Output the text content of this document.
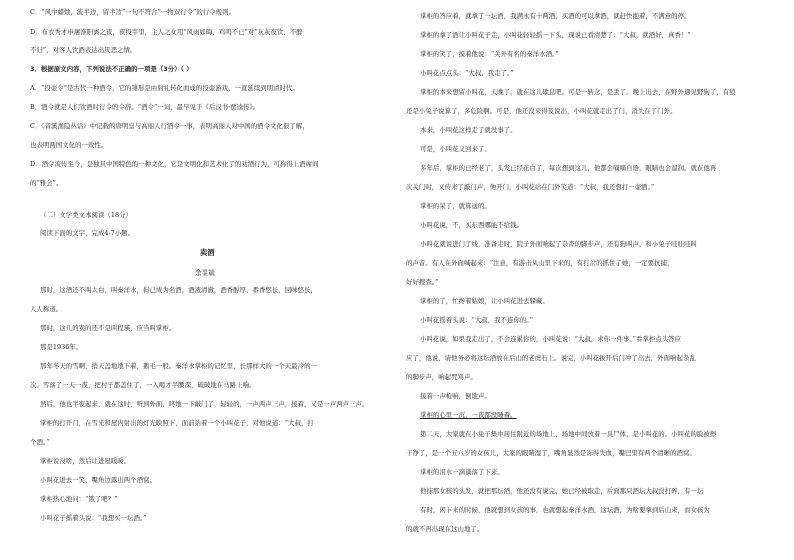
C．“风中蜡烛，流半边，留半边”一句不符合“一物双行令”的行令规则。
D．布衣秀才申屠淮阳离之夜，夜投宰里，主人之女用“风雨如晦，鸡鸣不已”对“灰灰夜饮，不醉
不归”，对客人饮酒表达出厌恶之情。
3．根据原文内容，下列说法不正确的一项是（3分）（ ）
A．“投壶令”是古代一种酒令，它的雏形是由射礼转化而成的投壶游戏，一直延续到明清时代。
B．酒令就是人们饮酒时行令的令辞。“酒令”一词，最早见于《后汉书·贾逵传》。
C．《音溪渔隐丛话》中记载的唐明皇与高丽人行酒令一事，表明高丽人对中国的酒令文化很了解，
也表明两国文化的一致性。
D．酒令流传至今，是独具中国特色的一种文化，它是文明化和艺术化了的劝酒行为，可称得上酒席间
的“雅会”。
（二）文学类文本阅读（18分）
阅读下面的文字，完成4-7小题。
卖酒
余显斌
那时，这酒还不叫太白，叫秦洋水，但已成为名酒，酒液清澈，酒香醇厚，番香悠长，回味悠长，
人人称道。
那时，这儿的卖的还不是叫程瑛，应当叫掌柜。
那是1936年。
那年冬天的雪啊，捎天盖地地下着，鹅毛一般。秦洋水掌柜的记忆里，长那样大的一个天最冷的一
次。雪落了一天一夜，把村子都盖住了，一入喝才半腰深，破破地在马路上响。
然后，他也半夜起来，就在这时，听到外面，咚地一下敲门了，轻轻的，一声两声三声，接着，又是一声两声三声。
掌柜的打开门，在雪光和屋内射出的灯光映照下，面前站着一个小叫花子，对他说道：“大叔，打
个酒。”
掌柜说没啥，然后让进屋暖暖。
小叫花进去一笑，嘴角边露出两个酒窝。
掌柜热心地问：“饿了吧？”
小叫花子摇着头说：“我想买一坛酒。”
掌柜的答应着，就拿了一坛酒，我满永有十两酒，买酒的可以拿酒，就赶快抱着，不满意的停。
掌柜的拿了酒让小叫花子走，小叫花轻轻摇一下头，现说已看清楚了：“大叔，就酒好，真香！”
掌柜的笑了，摸着他说：“关外有名的秦洋水酒。”
小叫花点点头：“大叔，我走了。”
掌柜的本来想留小叫花，天晚了，就在这儿歇息吧。可是一转念，是丢了。晚上出去，在野外遇见野狗了，有狼
还是小兔子说算了，多危险啊。可是，他还没来得及说出，小叫花就走出了门，消失在了门外。
本来，小叫花这样走了就没事了。
可是，小叫花又回来了。
多年后，掌柜的已经老了，头发已经花白了，每次想到这儿，他都会嘀嘀自语，眼睛也会湿润。就在他再
次关门时，又传来了敲门声，他开门，小叫花站在门外笑道：“大叔，我还想打一壶酒。”
掌柜的呆了，就算送的。
小叫花说，不，买东西哪能不给钱。
小叫花就说进门了线，准备走时，院子外面响起了杂杳的脚步声，还有狗叫声，和小兔子哇哇哇叫
的声音。有人在外面喊起来：“注意，有游击从山里下来的，有打岔的抓住了她，一定要抗捕，
好好搜查。”
掌柜的了，忙搀着姑娘，让小叫花进去躲藏。
小叫花摇着头说：“大叔，我不连你的。”
小叫花说，如果我走出了，不会连累你的，小叫花说：“大叔，求你一件事。”看掌柜点头答应
应了，他说，请他务必将这坛酒放在后山的老虎石上。说完，小叫花拔开后门冲了出去，外面响起杂乱
的脚步声，响起咒骂声。
接着一声枪响，倒地声。
掌柜的心里一沉，一夜都没睡着。
第二天，大家就在小兔子集中居住附近的场地上，场地中间放着一具尸体，是小叫花的。小叫花的脸被擦
干净了，是一个五六岁的女孩儿，大家的眼睛湿了，嘴角显然是冻得失血，嘴巴里有两个清晰的酒窝。
掌柜的泪水一滴滴落了下来。
他抹那女孩的头发，就把那坛酒，他还没有说完，她已经被取走，后面那只酒坛大叔没打碎，有一坛
有时，闲下来的时候，他就想到女孩的事，也就想起秦洋水酒，这坛酒，为啥要拿到后山来，而女孩为
的就不再出现在这山地了。
